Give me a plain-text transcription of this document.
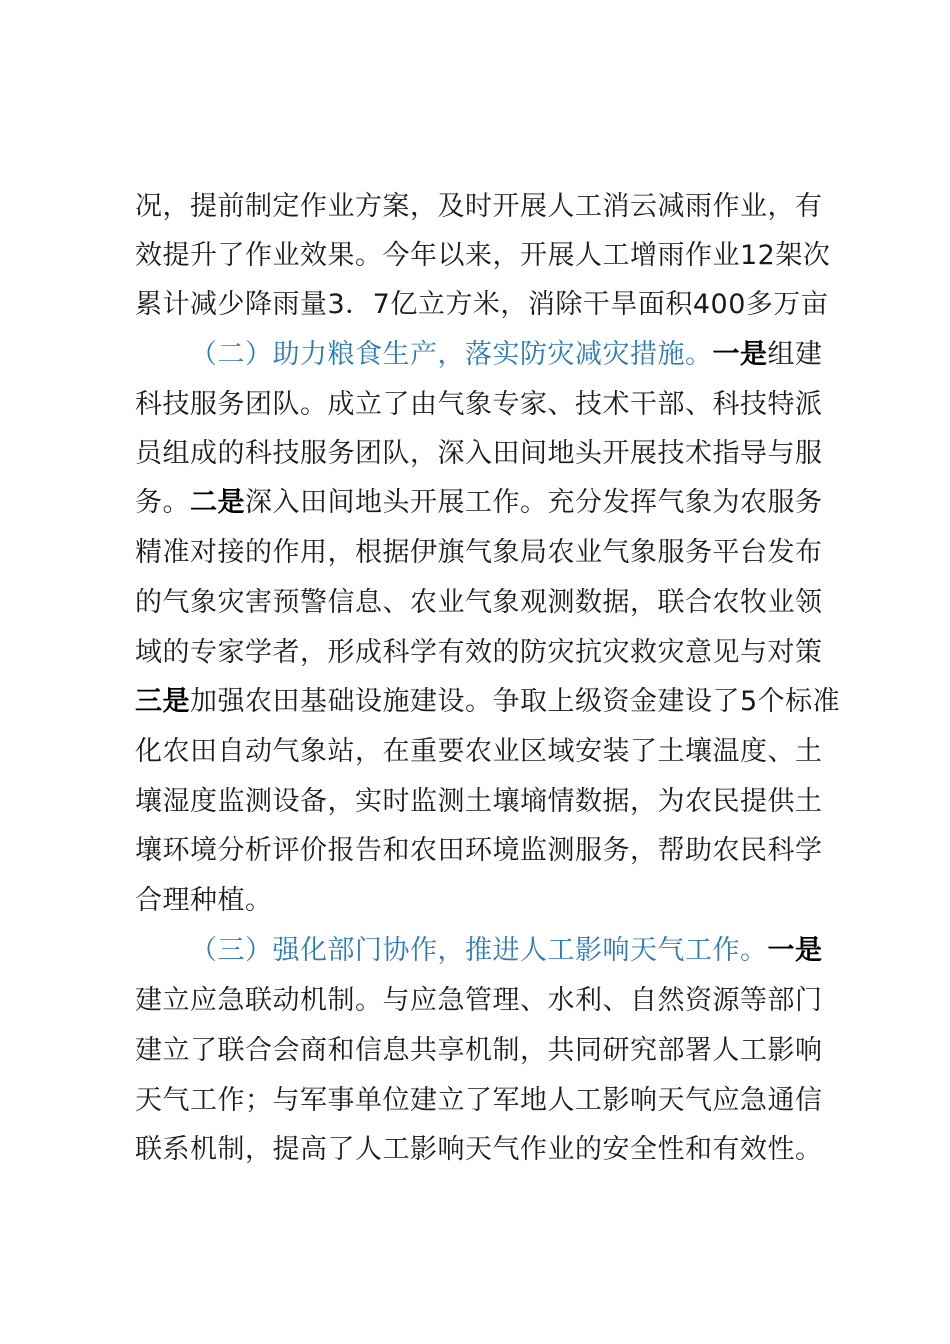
况，提前制定作业方案，及时开展人工消云减雨作业，有
效提升了作业效果。今年以来，开展人工增雨作业12架次
累计减少降雨量3．7亿立方米，消除干旱面积400多万亩
（二）助力粮食生产，落实防灾减灾措施。一是组建
科技服务团队。成立了由气象专家、技术干部、科技特派
员组成的科技服务团队，深入田间地头开展技术指导与服
务。二是深入田间地头开展工作。充分发挥气象为农服务
精准对接的作用，根据伊旗气象局农业气象服务平台发布
的气象灾害预警信息、农业气象观测数据，联合农牧业领
域的专家学者，形成科学有效的防灾抗灾救灾意见与对策
三是加强农田基础设施建设。争取上级资金建设了5个标准
化农田自动气象站，在重要农业区域安装了土壤温度、土
壤湿度监测设备，实时监测土壤墒情数据，为农民提供土
壤环境分析评价报告和农田环境监测服务，帮助农民科学
合理种植。
（三）强化部门协作，推进人工影响天气工作。一是
建立应急联动机制。与应急管理、水利、自然资源等部门
建立了联合会商和信息共享机制，共同研究部署人工影响
天气工作；与军事单位建立了军地人工影响天气应急通信
联系机制，提高了人工影响天气作业的安全性和有效性。
